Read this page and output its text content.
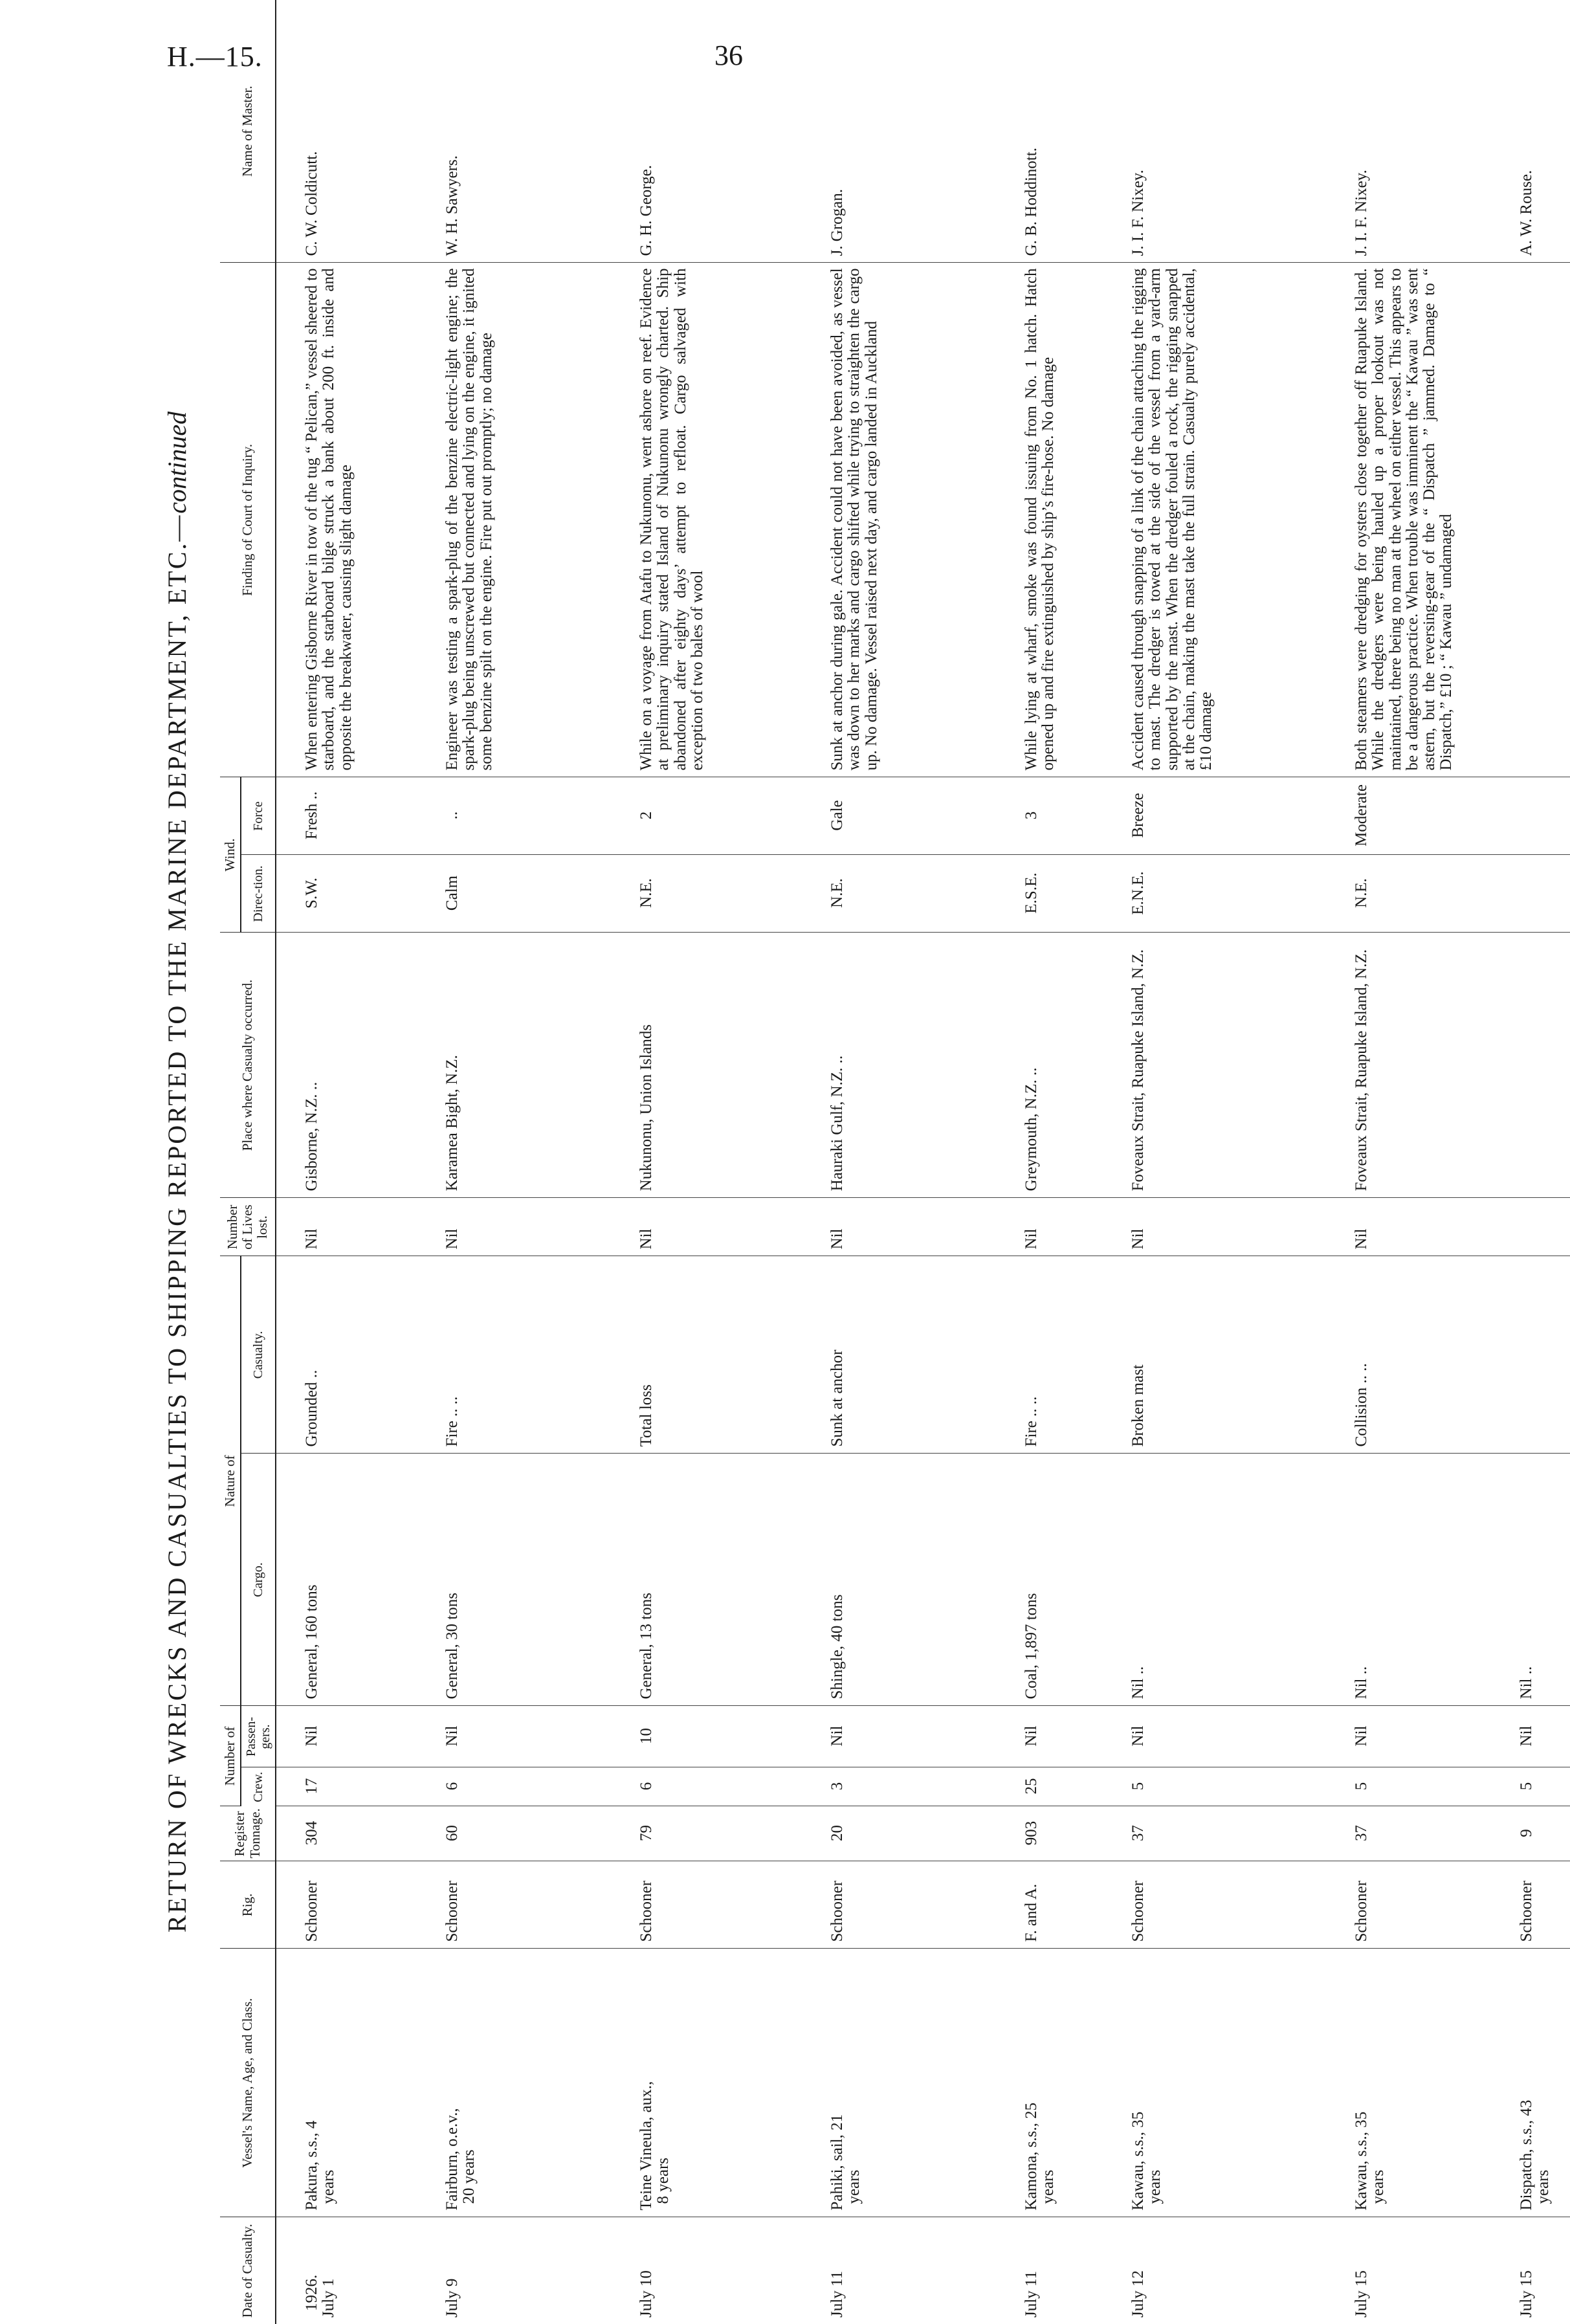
H.—15.	36
RETURN OF WRECKS AND CASUALTIES TO SHIPPING REPORTED TO THE MARINE DEPARTMENT, ETC.—continued
Date of Casualty.	Vessel's Name, Age, and Class.	Rig.	Register Tonnage.	Number of		Nature of		Number of Lives lost.	Place where Casualty occurred.	Wind.		Finding of Court of Inquiry.	Name of Master.
				Crew.	Passen-gers.	Cargo.	Casualty.			Direc-tion.	Force		

1926. July 1	Pakura, s.s., 4 years	Schooner	304	17	Nil	General, 160 tons	Grounded ..	Nil	Gisborne, N.Z. ..	S.W.	Fresh ..	When entering Gisborne River in tow of the tug “ Pelican,” vessel sheered to starboard, and the starboard bilge struck a bank about 200 ft. inside and opposite the breakwater, causing slight damage	C. W. Coldicutt.
July 9	Fairburn, o.e.v., 20 years	Schooner	60	6	Nil	General, 30 tons	Fire .. ..	Nil	Karamea Bight, N.Z.	Calm	..	Engineer was testing a spark-plug of the benzine electric-light engine; the spark-plug being unscrewed but connected and lying on the engine, it ignited some benzine spilt on the engine. Fire put out promptly; no damage	W. H. Sawyers.
July 10	Teine Vineula, aux., 8 years	Schooner	79	6	10	General, 13 tons	Total loss	Nil	Nukunonu, Union Islands	N.E.	2	While on a voyage from Atafu to Nukunonu, went ashore on reef. Evidence at preliminary inquiry stated Island of Nukunonu wrongly charted. Ship abandoned after eighty days’ attempt to refloat. Cargo salvaged with exception of two bales of wool	G. H. George.
July 11	Pahiki, sail, 21 years	Schooner	20	3	Nil	Shingle, 40 tons	Sunk at anchor	Nil	Hauraki Gulf, N.Z. ..	N.E.	Gale	Sunk at anchor during gale. Accident could not have been avoided, as vessel was down to her marks and cargo shifted while trying to straighten the cargo up. No damage. Vessel raised next day, and cargo landed in Auckland	J. Grogan.
July 11	Kamona, s.s., 25 years	F. and A.	903	25	Nil	Coal, 1,897 tons	Fire .. ..	Nil	Greymouth, N.Z. ..	E.S.E.	3	While lying at wharf, smoke was found issuing from No. 1 hatch. Hatch opened up and fire extinguished by ship’s fire-hose. No damage	G. B. Hoddinott.
July 12	Kawau, s.s., 35 years	Schooner	37	5	Nil	Nil ..	Broken mast	Nil	Foveaux Strait, Ruapuke Island, N.Z.	E.N.E.	Breeze	Accident caused through snapping of a link of the chain attaching the rigging to mast. The dredger is towed at the side of the vessel from a yard-arm supported by the mast. When the dredger fouled a rock, the rigging snapped at the chain, making the mast take the full strain. Casualty purely accidental, £10 damage	J. I. F. Nixey.
July 15	Kawau, s.s., 35 years	Schooner	37	5	Nil	Nil ..	Collision .. ..	Nil	Foveaux Strait, Ruapuke Island, N.Z.	N.E.	Moderate	Both steamers were dredging for oysters close together off Ruapuke Island. While the dredgers were being hauled up a proper lookout was not maintained, there being no man at the wheel on either vessel. This appears to be a dangerous practice. When trouble was imminent the “ Kawau ” was sent astern, but the reversing-gear of the “ Dispatch ” jammed. Damage to “ Dispatch,” £10 ; “ Kawau ” undamaged	J. I. F. Nixey.
July 15	Dispatch, s.s., 43 years	Schooner	9	5	Nil	Nil ..							A. W. Rouse.
